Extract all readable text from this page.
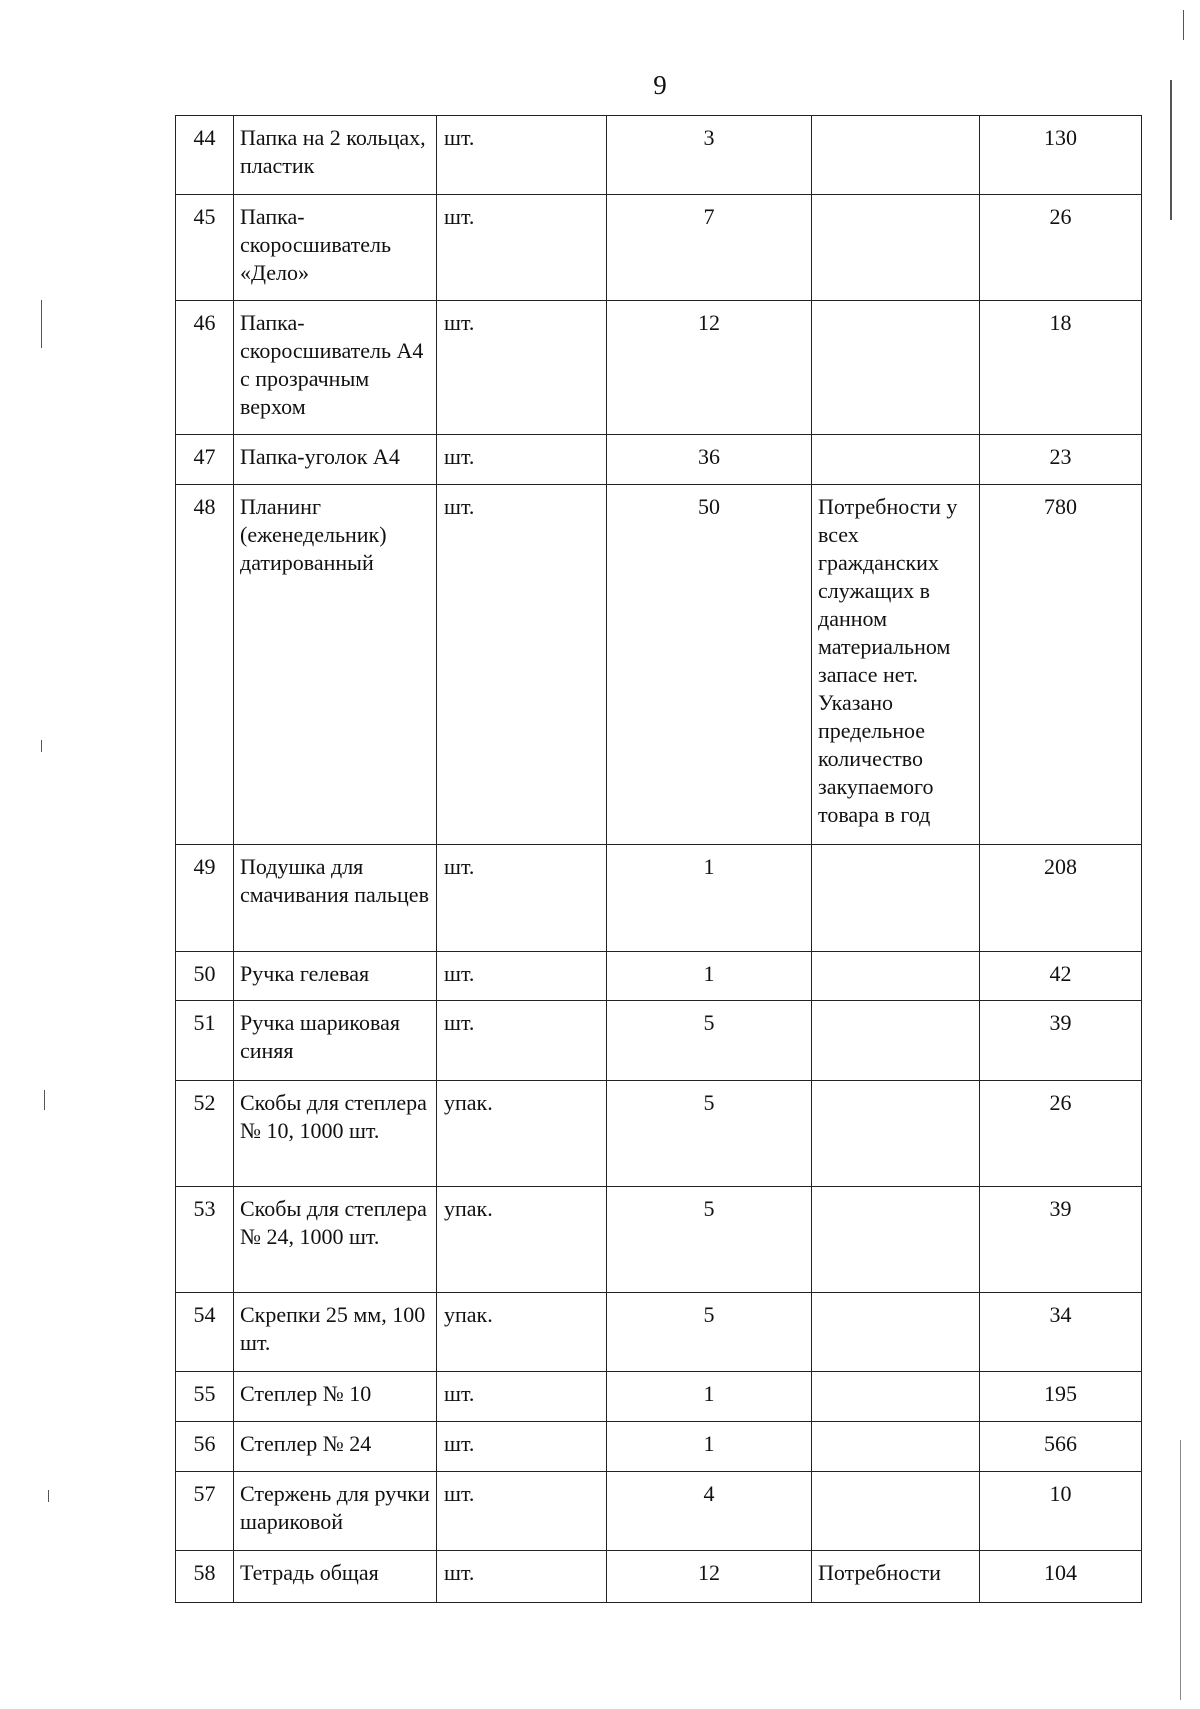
9
44	Папка на 2 кольцах, пластик	шт.	3		130
45	Папка-скоросшиватель «Дело»	шт.	7		26
46	Папка-скоросшиватель А4 с прозрачным верхом	шт.	12		18
47	Папка-уголок А4	шт.	36		23
48	Планинг (еженедельник) датированный	шт.	50	Потребности у всех гражданских служащих в данном материальном запасе нет. Указано предельное количество закупаемого товара в год	780
49	Подушка для смачивания пальцев	шт.	1		208
50	Ручка гелевая	шт.	1		42
51	Ручка шариковая синяя	шт.	5		39
52	Скобы для степлера № 10, 1000 шт.	упак.	5		26
53	Скобы для степлера № 24, 1000 шт.	упак.	5		39
54	Скрепки 25 мм, 100 шт.	упак.	5		34
55	Степлер № 10	шт.	1		195
56	Степлер № 24	шт.	1		566
57	Стержень для ручки шариковой	шт.	4		10
58	Тетрадь общая	шт.	12	Потребности	104
